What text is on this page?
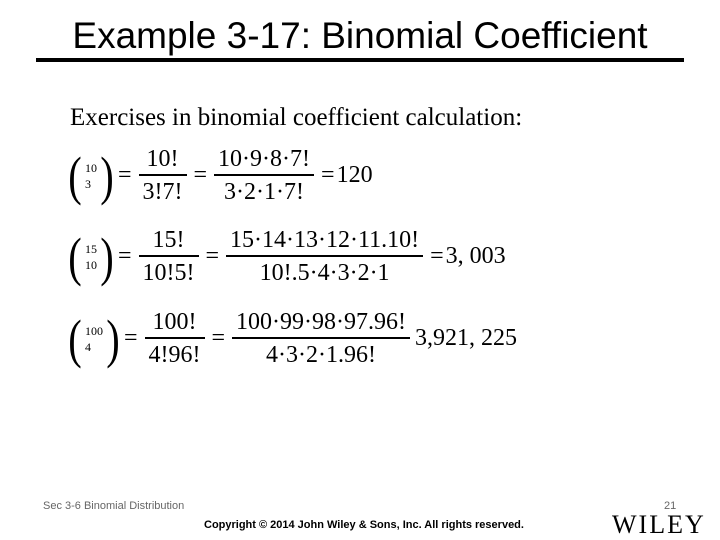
Example 3-17: Binomial Coefficient
Exercises in binomial coefficient calculation:
( 10
3 ) = $\frac{10!}{3!7!} = \frac{10\cdot 9\cdot 8\cdot 7!}{3\cdot 2\cdot 1\cdot 7!} = 120$
( 15
10 ) = $\frac{15!}{10!5!} = \frac{15\cdot 14\cdot 13\cdot 12\cdot 11.10!}{10!.5\cdot 4\cdot 3\cdot 2\cdot 1} = 3$, 003
( 100
4 ) = $\frac{100!}{4!96!} = \frac{100\cdot 99\cdot 98\cdot 97.96!}{4\cdot 3\cdot 2\cdot 1.96!} 3,921$, 225
Sec 3-6 Binomial Distribution	21
Copyright © 2014 John Wiley & Sons, Inc. All rights reserved.	WILEY
